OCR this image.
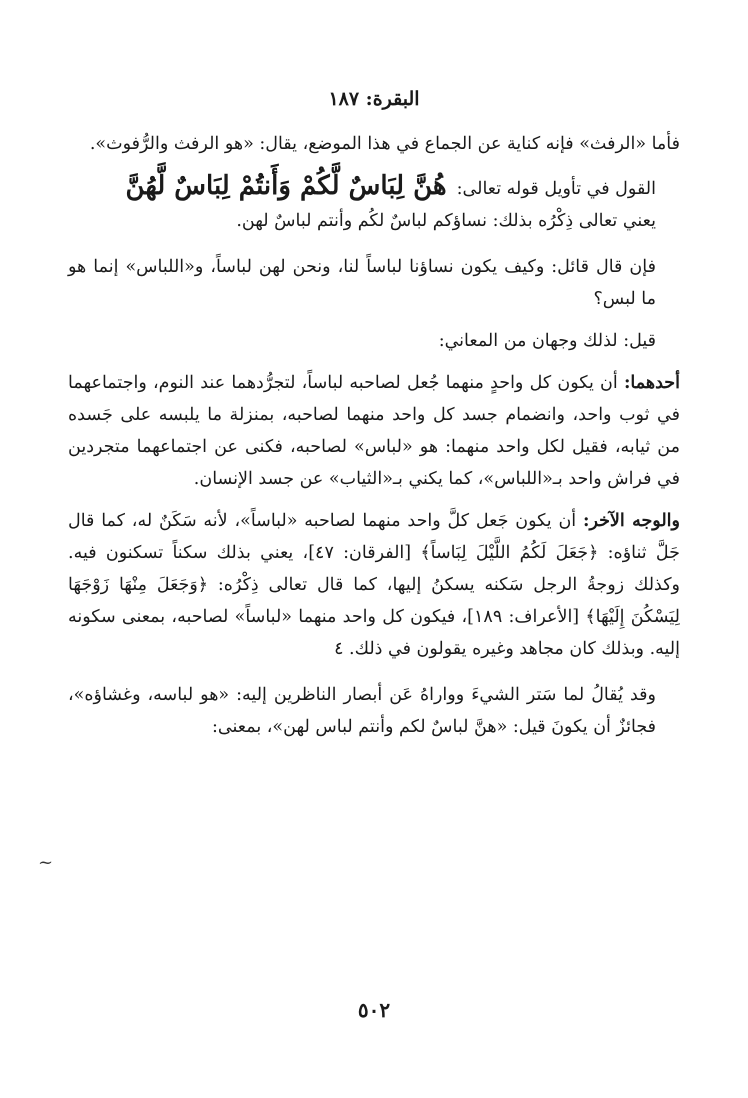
البقرة: ١٨٧

فأما «الرفث» فإنه كناية عن الجماع في هذا الموضع، يقال: «هو الرفث والرُّفوث».

القول في تأويل قوله تعالى:
هُنَّ لِبَاسٌ لَّكُمْ وَأَنتُمْ لِبَاسٌ لَّهُنَّ

يعني تعالى ذِكْرُه بذلك: نساؤكم لباسٌ لكُم وأنتم لباسٌ لهن.

فإن قال قائل: وكيف يكون نساؤنا لباساً لنا، ونحن لهن لباساً، و«اللباس» إنما هو ما لبس؟

قيل: لذلك وجهان من المعاني:

أحدهما: أن يكون كل واحدٍ منهما جُعل لصاحبه لباساً، لتجرُّدهما عند النوم، واجتماعهما في ثوب واحد، وانضمام جسد كل واحد منهما لصاحبه، بمنزلة ما يلبسه على جَسده من ثيابه، فقيل لكل واحد منهما: هو «لباس» لصاحبه، فكنى عن اجتماعهما متجردين في فراش واحد بـ«اللباس»، كما يكني بـ«الثياب» عن جسد الإنسان.

والوجه الآخر: أن يكون جَعل كلَّ واحد منهما لصاحبه «لباساً»، لأنه سَكَنٌ له، كما قال جَلَّ ثناؤه: ﴿جَعَلَ لَكُمُ اللَّيْلَ لِبَاساً﴾ [الفرقان: ٤٧]، يعني بذلك سكناً تسكنون فيه. وكذلك زوجةُ الرجل سَكنه يسكنُ إليها، كما قال تعالى ذِكْرُه: ﴿وَجَعَلَ مِنْهَا زَوْجَهَا لِيَسْكُنَ إِلَيْهَا﴾ [الأعراف: ١٨٩]، فيكون كل واحد منهما «لباساً» لصاحبه، بمعنى سكونه إليه. وبذلك كان مجاهد وغيره يقولون في ذلك. ٤

وقد يُقالُ لما سَتر الشيءَ وواراهُ عَن أبصار الناظرين إليه: «هو لباسه، وغشاؤه»، فجائزٌ أن يكونَ قيل: «هنَّ لباسٌ لكم وأنتم لباس لهن»، بمعنى:

~
٥٠٢
